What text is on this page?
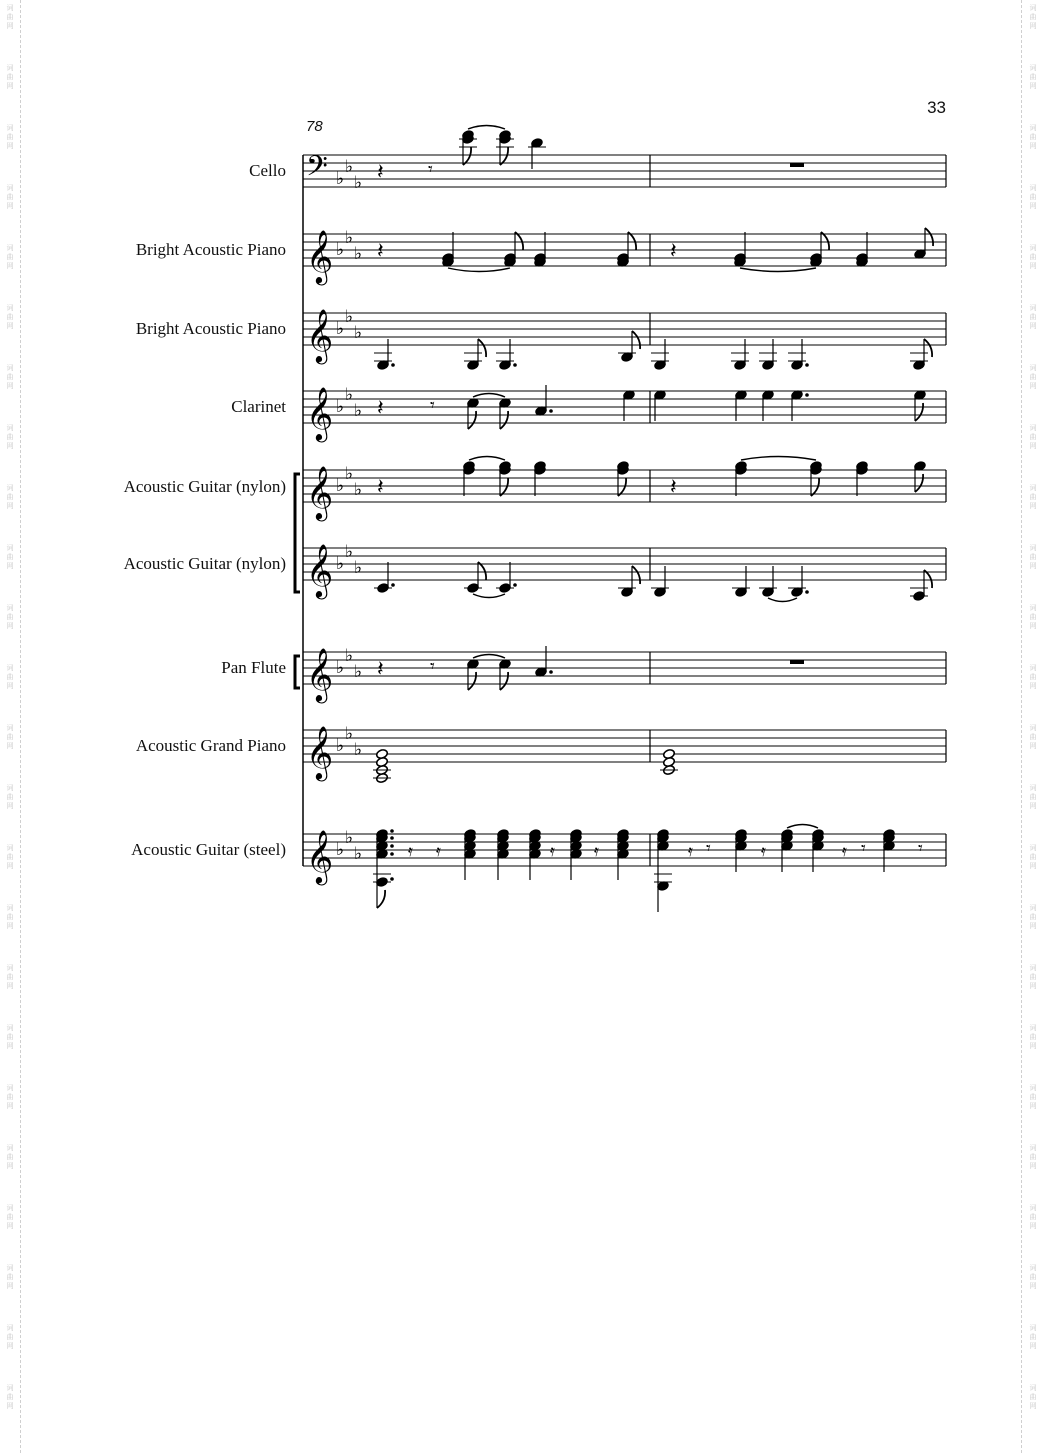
词
曲
网
词
曲
网
词
曲
网
词
曲
网
词
曲
网
词
曲
网
词
曲
网
词
曲
网
词
曲
网
词
曲
网
词
曲
网
词
曲
网
词
曲
网
词
曲
网
词
曲
网
词
曲
网
词
曲
网
词
曲
网
词
曲
网
词
曲
网
词
曲
网
词
曲
网
词
曲
网
词
曲
网
词
曲
网
词
曲
网
词
曲
网
词
曲
网
词
曲
网
词
曲
网
词
曲
网
词
曲
网
词
曲
网
词
曲
网
词
曲
网
词
曲
网
词
曲
网
词
曲
网
词
曲
网
词
曲
网
词
曲
网
词
曲
网
词
曲
网
词
曲
网
词
曲
网
词
曲
网
词
曲
网
词
曲
网
33
78
Cello
Bright Acoustic Piano
Bright Acoustic Piano
Clarinet
Acoustic Guitar (nylon)
Acoustic Guitar (nylon)
Pan Flute
Acoustic Grand Piano
Acoustic Guitar (steel)
𝄢 ♭
♭
♭
𝄞 ♭
♭
♭
𝄞 ♭
♭
♭
𝄞 ♭
♭
♭
𝄞 ♭
♭
♭
𝄞 ♭
♭
♭
𝄞 ♭
♭
♭
𝄞 ♭
♭
♭
𝄞 ♭
♭
♭
𝄽 𝄾
𝄽	𝄽
𝄽	𝄾
𝄽	𝄽
𝄽	𝄾
𝄿 𝄿	𝄿 𝄿	𝄿 𝄾	𝄿	𝄿 𝄾	𝄾
